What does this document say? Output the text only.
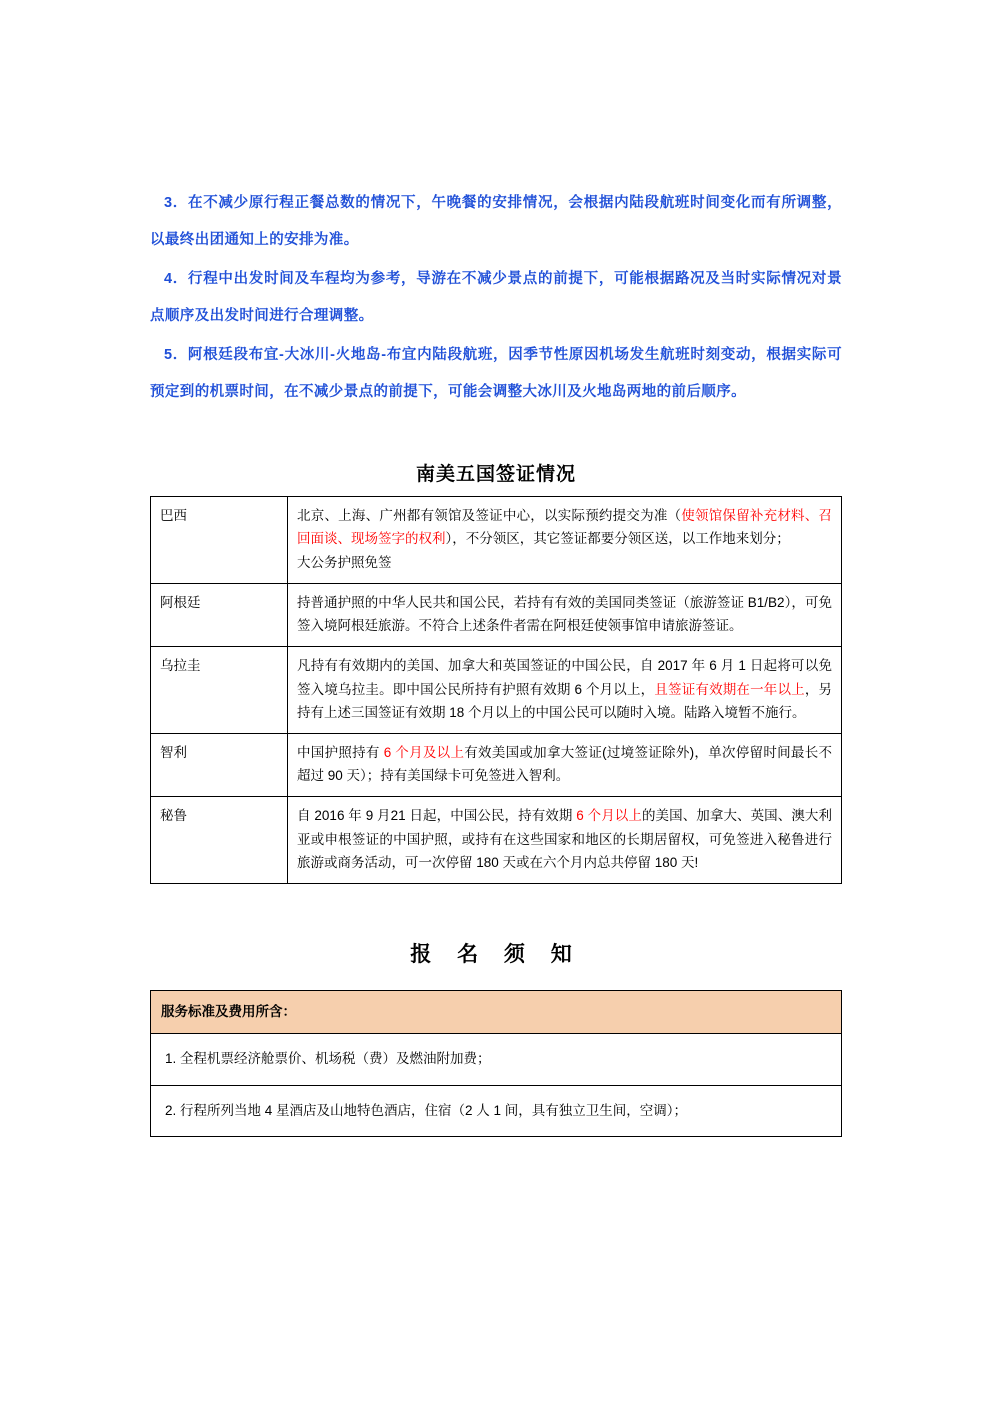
3．在不减少原行程正餐总数的情况下，午晚餐的安排情况，会根据内陆段航班时间变化而有所调整，以最终出团通知上的安排为准。

4．行程中出发时间及车程均为参考，导游在不减少景点的前提下，可能根据路况及当时实际情况对景点顺序及出发时间进行合理调整。

5．阿根廷段布宜-大冰川-火地岛-布宜内陆段航班，因季节性原因机场发生航班时刻变动，根据实际可预定到的机票时间，在不减少景点的前提下，可能会调整大冰川及火地岛两地的前后顺序。

南美五国签证情况
巴西	北京、上海、广州都有领馆及签证中心，以实际预约提交为准（使领馆保留补充材料、召回面谈、现场签字的权利），不分领区，其它签证都要分领区送，以工作地来划分；
大公务护照免签
阿根廷	持普通护照的中华人民共和国公民，若持有有效的美国同类签证（旅游签证 B1/B2），可免签入境阿根廷旅游。不符合上述条件者需在阿根廷使领事馆申请旅游签证。
乌拉圭	凡持有有效期内的美国、加拿大和英国签证的中国公民，自 2017 年 6 月 1 日起将可以免签入境乌拉圭。即中国公民所持有护照有效期 6 个月以上，且签证有效期在一年以上，另持有上述三国签证有效期 18 个月以上的中国公民可以随时入境。陆路入境暂不施行。
智利	中国护照持有 6 个月及以上有效美国或加拿大签证(过境签证除外)，单次停留时间最长不超过 90 天）；持有美国绿卡可免签进入智利。
秘鲁	自 2016 年 9 月21 日起，中国公民，持有效期 6 个月以上的美国、加拿大、英国、澳大利亚或申根签证的中国护照，或持有在这些国家和地区的长期居留权，可免签进入秘鲁进行旅游或商务活动，可一次停留 180 天或在六个月内总共停留 180 天!
报 名 须 知
服务标准及费用所含：
1. 全程机票经济舱票价、机场税（费）及燃油附加费；
2. 行程所列当地 4 星酒店及山地特色酒店，住宿（2 人 1 间，具有独立卫生间，空调）；
